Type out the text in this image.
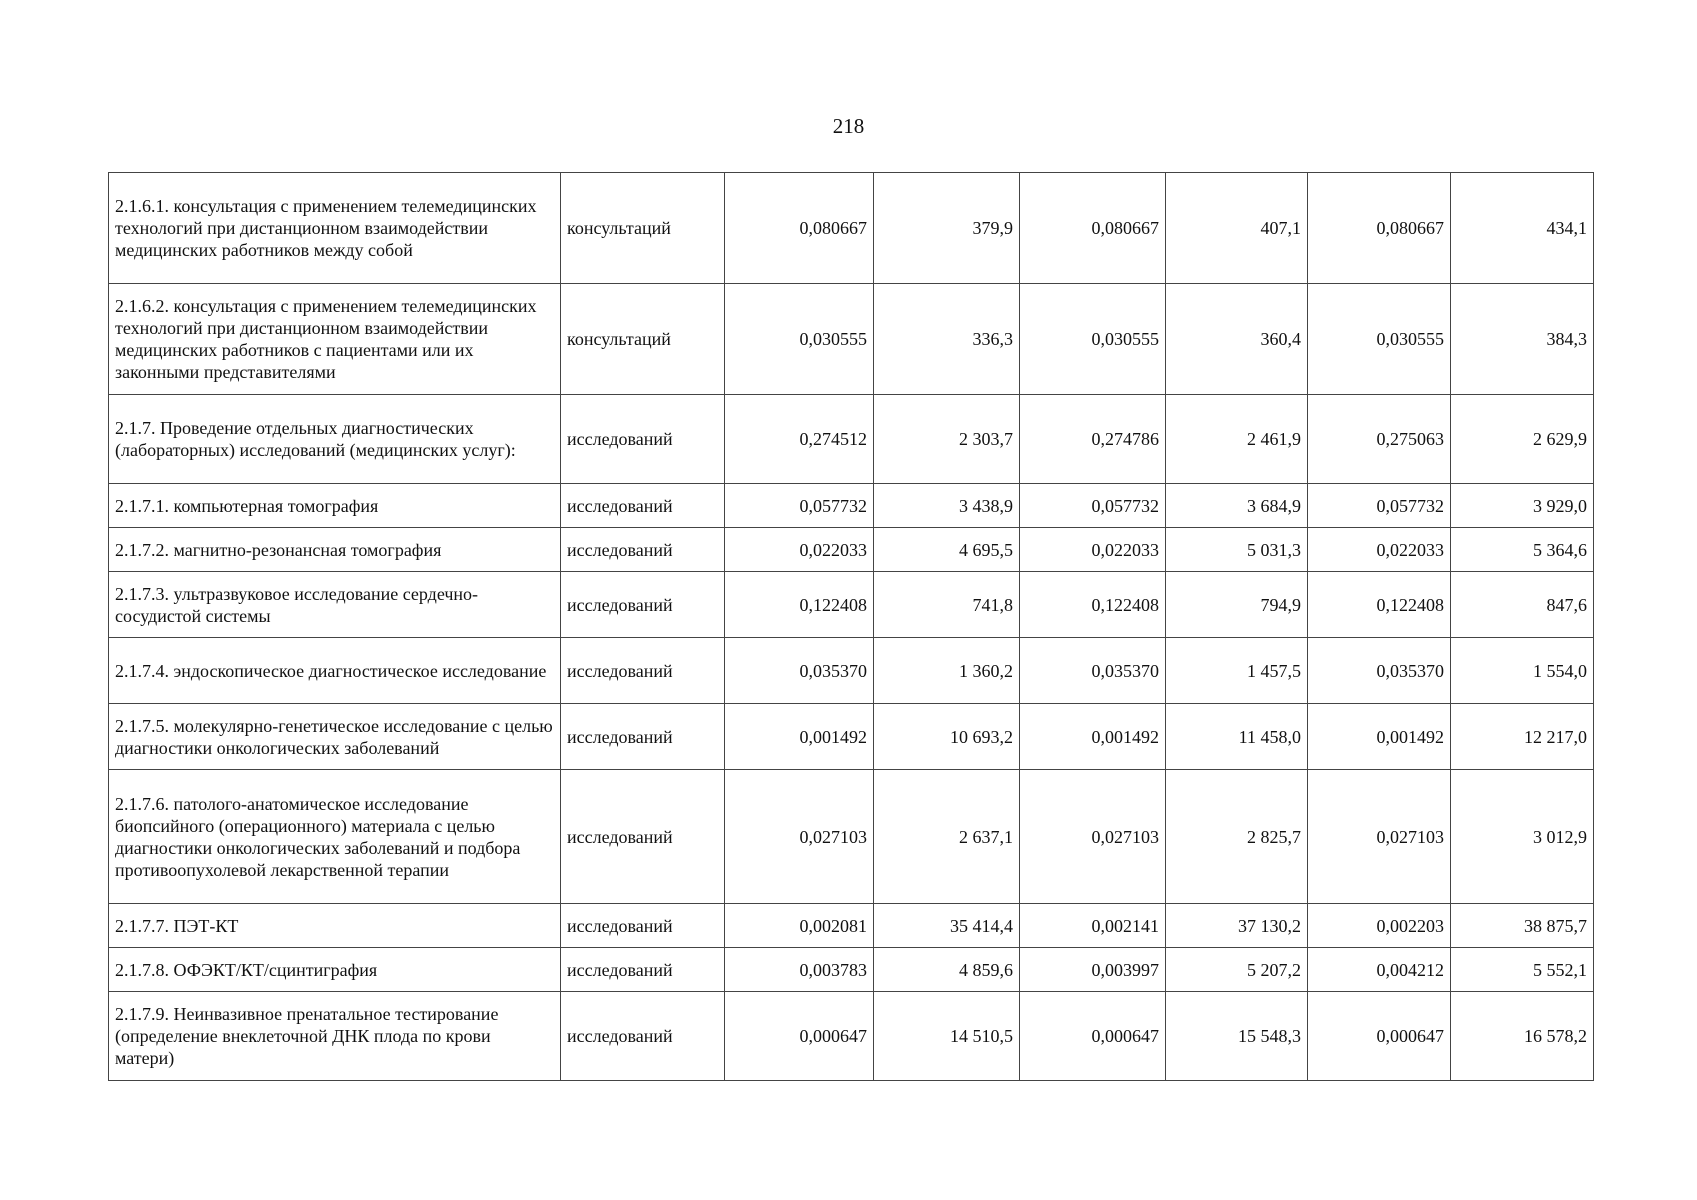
218
2.1.6.1. консультация с применением телемедицинских технологий при дистанционном взаимодействии медицинских работников между собой	консультаций	0,080667	379,9	0,080667	407,1	0,080667	434,1
2.1.6.2. консультация с применением телемедицинских технологий при дистанционном взаимодействии медицинских работников с пациентами или их законными представителями	консультаций	0,030555	336,3	0,030555	360,4	0,030555	384,3
2.1.7. Проведение отдельных диагностических (лабораторных) исследований (медицинских услуг):	исследований	0,274512	2 303,7	0,274786	2 461,9	0,275063	2 629,9
2.1.7.1. компьютерная томография	исследований	0,057732	3 438,9	0,057732	3 684,9	0,057732	3 929,0
2.1.7.2. магнитно-резонансная томография	исследований	0,022033	4 695,5	0,022033	5 031,3	0,022033	5 364,6
2.1.7.3. ультразвуковое исследование сердечно-сосудистой системы	исследований	0,122408	741,8	0,122408	794,9	0,122408	847,6
2.1.7.4. эндоскопическое диагностическое исследование	исследований	0,035370	1 360,2	0,035370	1 457,5	0,035370	1 554,0
2.1.7.5. молекулярно-генетическое исследование с целью диагностики онкологических заболеваний	исследований	0,001492	10 693,2	0,001492	11 458,0	0,001492	12 217,0
2.1.7.6. патолого-анатомическое исследование биопсийного (операционного) материала с целью диагностики онкологических заболеваний и подбора противоопухолевой лекарственной терапии	исследований	0,027103	2 637,1	0,027103	2 825,7	0,027103	3 012,9
2.1.7.7. ПЭТ-КТ	исследований	0,002081	35 414,4	0,002141	37 130,2	0,002203	38 875,7
2.1.7.8. ОФЭКТ/КТ/сцинтиграфия	исследований	0,003783	4 859,6	0,003997	5 207,2	0,004212	5 552,1
2.1.7.9. Неинвазивное пренатальное тестирование (определение внеклеточной ДНК плода по крови матери)	исследований	0,000647	14 510,5	0,000647	15 548,3	0,000647	16 578,2
